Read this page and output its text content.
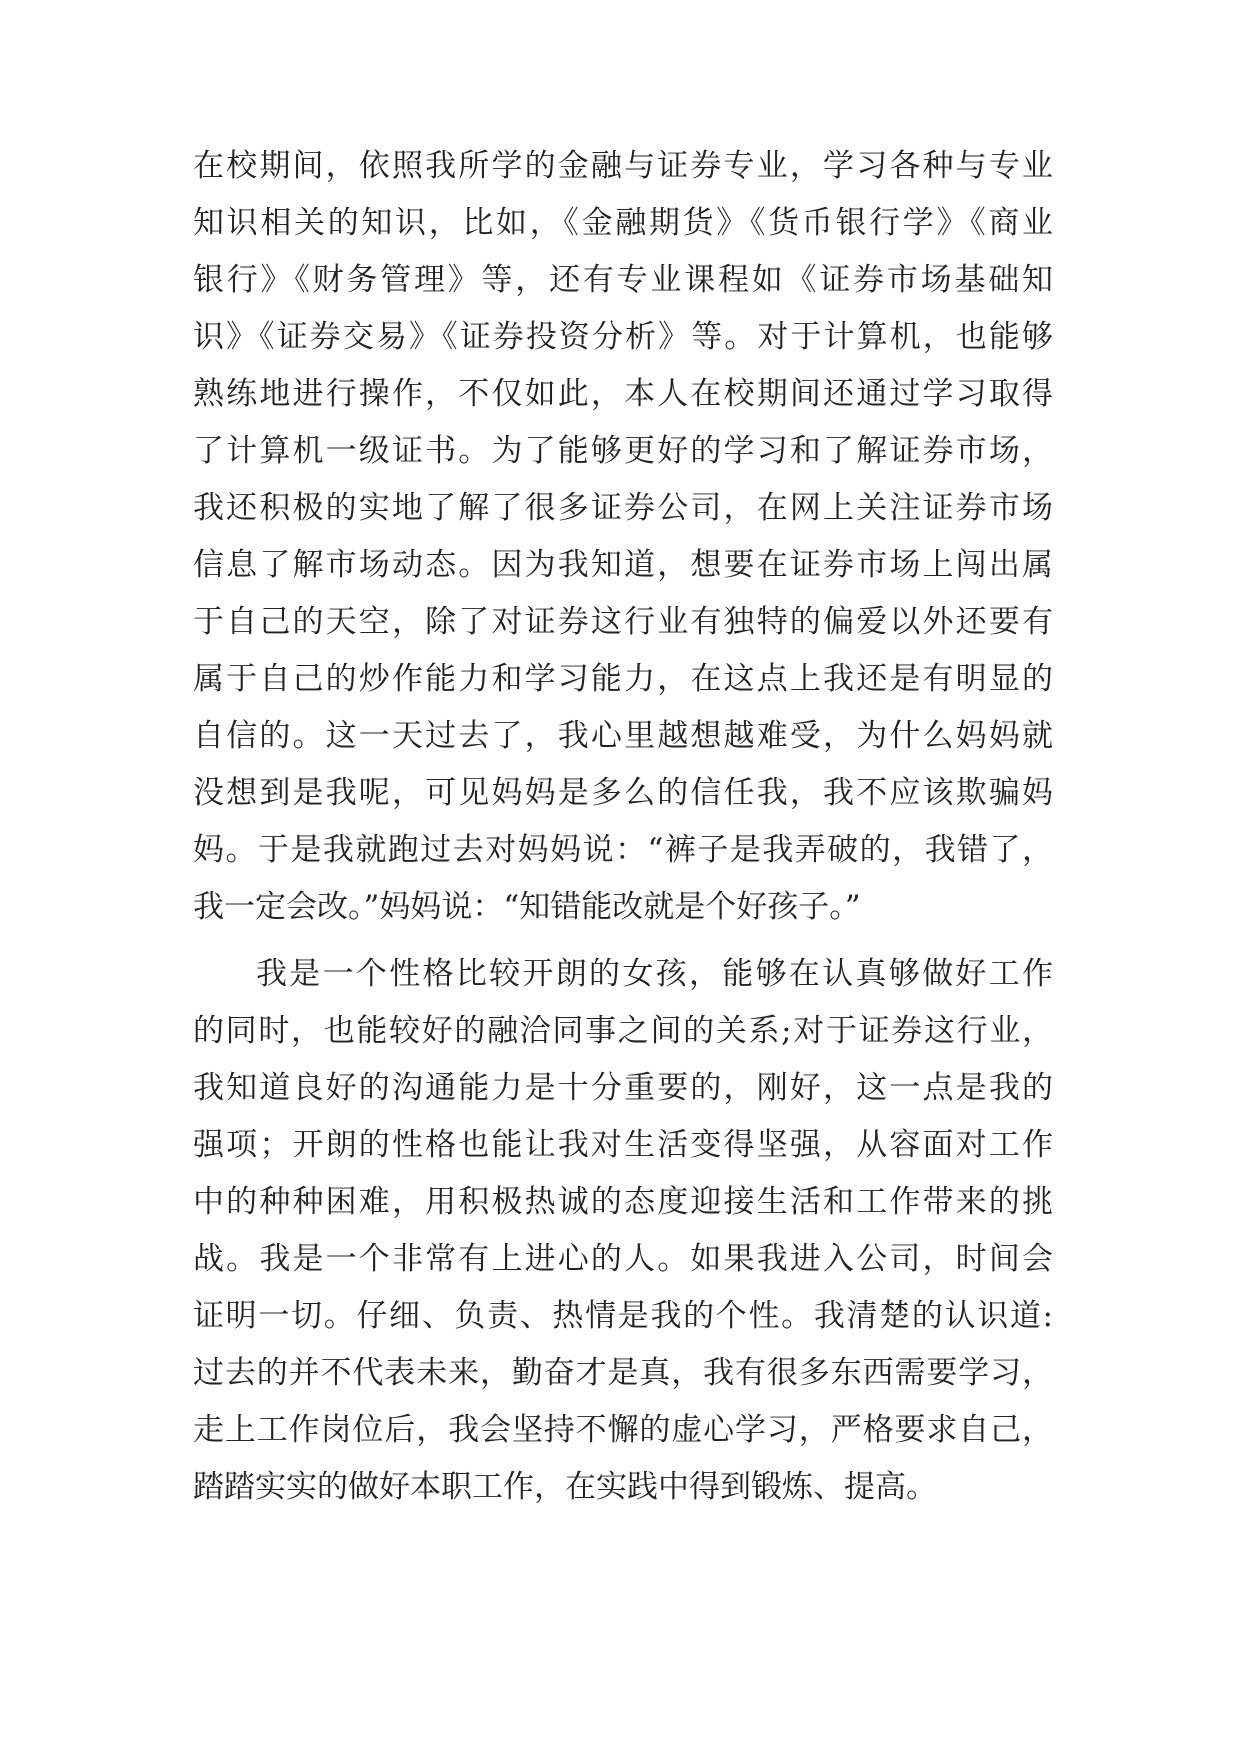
在校期间，依照我所学的金融与证券专业，学习各种与专业
知识相关的知识，比如，《金融期货》《货币银行学》《商业
银行》《财务管理》等，还有专业课程如《证券市场基础知
识》《证券交易》《证券投资分析》等。对于计算机，也能够
熟练地进行操作，不仅如此，本人在校期间还通过学习取得
了计算机一级证书。为了能够更好的学习和了解证券市场，
我还积极的实地了解了很多证券公司，在网上关注证券市场
信息了解市场动态。因为我知道，想要在证券市场上闯出属
于自己的天空，除了对证券这行业有独特的偏爱以外还要有
属于自己的炒作能力和学习能力，在这点上我还是有明显的
自信的。这一天过去了，我心里越想越难受，为什么妈妈就
没想到是我呢，可见妈妈是多么的信任我，我不应该欺骗妈
妈。于是我就跑过去对妈妈说：“裤子是我弄破的，我错了，
我一定会改。”妈妈说：“知错能改就是个好孩子。”
我是一个性格比较开朗的女孩，能够在认真够做好工作
的同时，也能较好的融洽同事之间的关系;对于证券这行业，
我知道良好的沟通能力是十分重要的，刚好，这一点是我的
强项；开朗的性格也能让我对生活变得坚强，从容面对工作
中的种种困难，用积极热诚的态度迎接生活和工作带来的挑
战。我是一个非常有上进心的人。如果我进入公司，时间会
证明一切。仔细、负责、热情是我的个性。我清楚的认识道:
过去的并不代表未来，勤奋才是真，我有很多东西需要学习，
走上工作岗位后，我会坚持不懈的虚心学习，严格要求自己，
踏踏实实的做好本职工作，在实践中得到锻炼、提高。
